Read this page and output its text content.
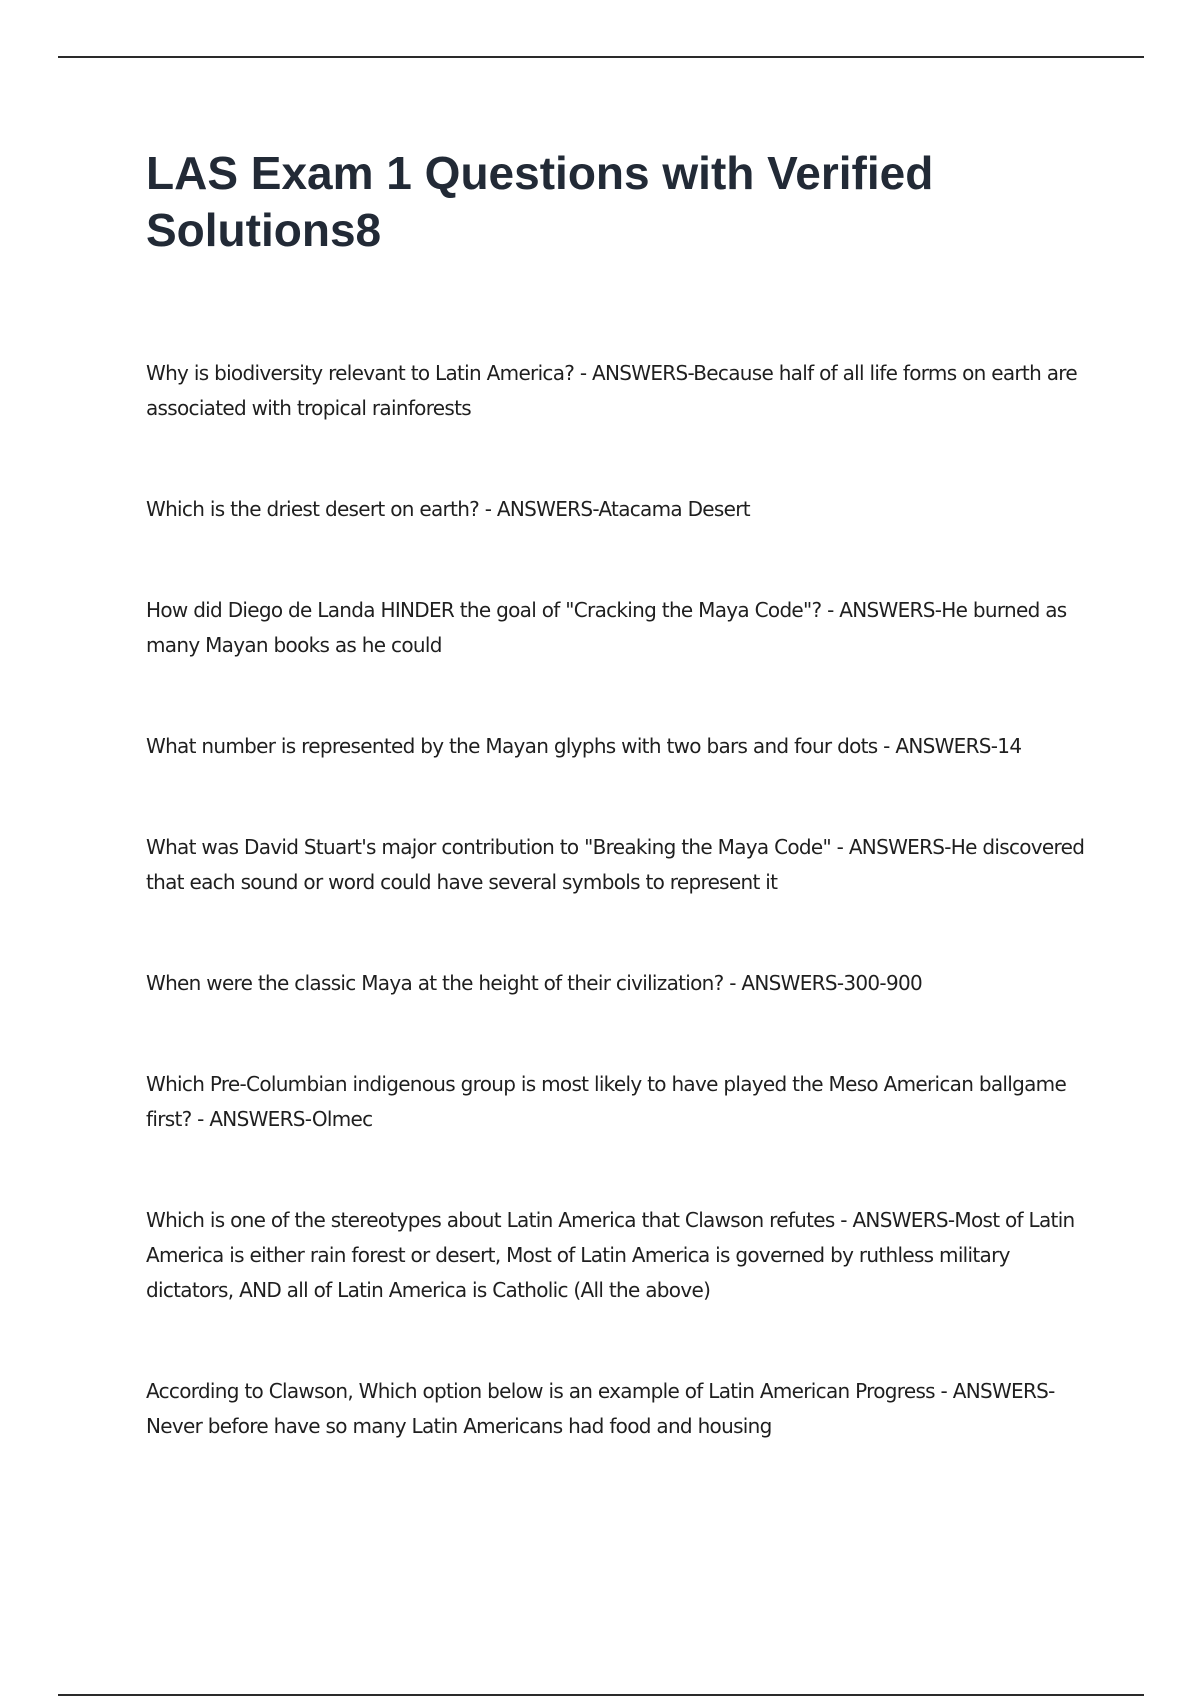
LAS Exam 1 Questions with Verified Solutions8

Why is biodiversity relevant to Latin America? - ANSWERS-Because half of all life forms on earth are associated with tropical rainforests

Which is the driest desert on earth? - ANSWERS-Atacama Desert

How did Diego de Landa HINDER the goal of "Cracking the Maya Code"? - ANSWERS-He burned as many Mayan books as he could

What number is represented by the Mayan glyphs with two bars and four dots - ANSWERS-14

What was David Stuart's major contribution to "Breaking the Maya Code" - ANSWERS-He discovered that each sound or word could have several symbols to represent it

When were the classic Maya at the height of their civilization? - ANSWERS-300-900

Which Pre-Columbian indigenous group is most likely to have played the Meso American ballgame first? - ANSWERS-Olmec

Which is one of the stereotypes about Latin America that Clawson refutes - ANSWERS-Most of Latin America is either rain forest or desert, Most of Latin America is governed by ruthless military dictators, AND all of Latin America is Catholic (All the above)

According to Clawson, Which option below is an example of Latin American Progress - ANSWERS-Never before have so many Latin Americans had food and housing
